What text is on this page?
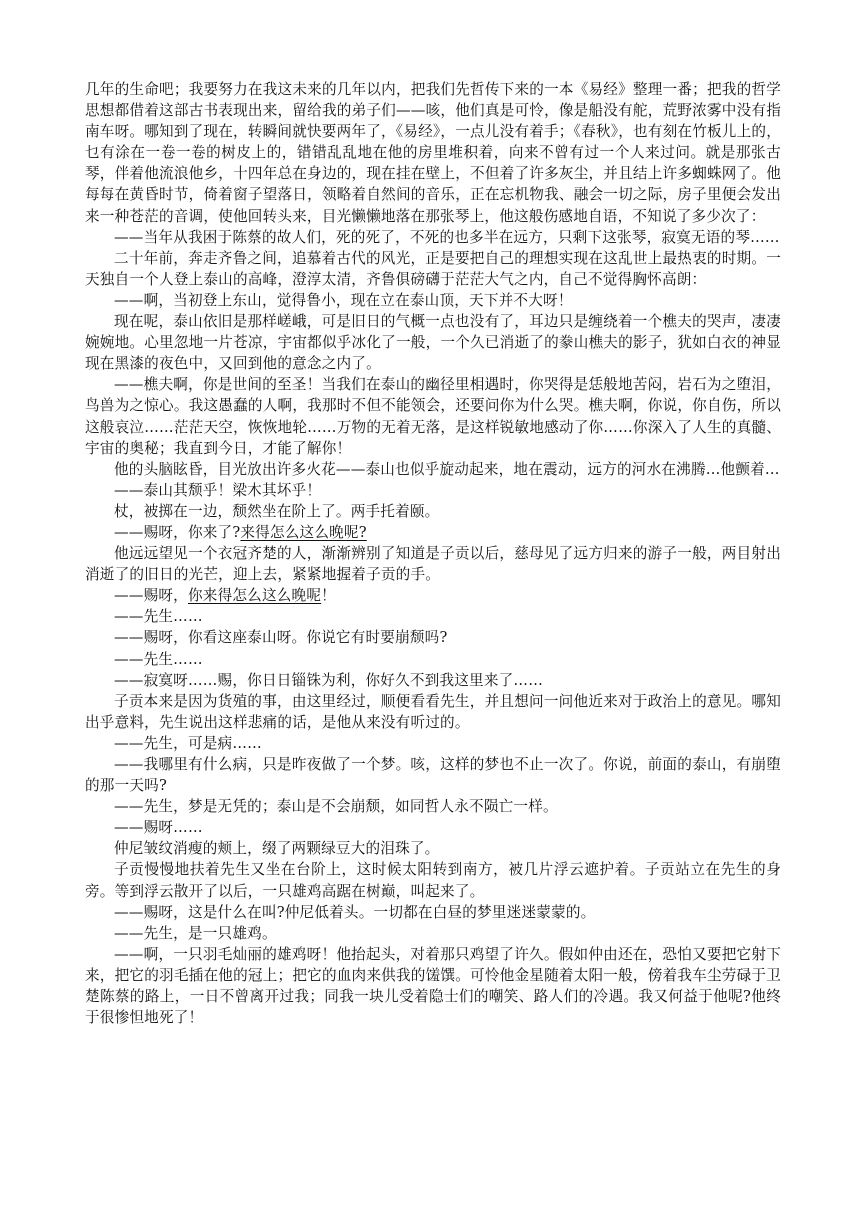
几年的生命吧；我要努力在我这未来的几年以内，把我们先哲传下来的一本《易经》整理一番；把我的哲学思想都借着这部古书表现出来，留给我的弟子们——咳，他们真是可怜，像是船没有舵，荒野浓雾中没有指南车呀。哪知到了现在，转瞬间就快要两年了，《易经》，一点儿没有着手；《春秋》，也有刻在竹板儿上的，乜有涂在一卷一卷的树皮上的，错错乱乱地在他的房里堆积着，向来不曾有过一个人来过问。就是那张古琴，伴着他流浪他乡，十四年总在身边的，现在挂在壁上，不但着了许多灰尘，并且结上许多蜘蛛网了。他每每在黄昏时节，倚着窗子望落日，领略着自然间的音乐，正在忘机物我、融会一切之际，房子里便会发出来一种苍茫的音调，使他回转头来，目光懒懒地落在那张琴上，他这般伤感地自语，不知说了多少次了：

——当年从我困于陈蔡的故人们，死的死了，不死的也多半在远方，只剩下这张琴，寂寞无语的琴……

二十年前，奔走齐鲁之间，追慕着古代的风光，正是要把自己的理想实现在这乱世上最热衷的时期。一天独自一个人登上泰山的高峰，澄淳太清，齐鲁俱磅礴于茫茫大气之内，自己不觉得胸怀高朗：

——啊，当初登上东山，觉得鲁小，现在立在泰山顶，天下并不大呀！

现在呢，泰山依旧是那样嵯峨，可是旧日的气概一点也没有了，耳边只是缠绕着一个樵夫的哭声，凄凄婉婉地。心里忽地一片苍凉，宇宙都似乎冰化了一般，一个久已消逝了的豢山樵夫的影子，犹如白衣的神显现在黑漆的夜色中，又回到他的意念之内了。

——樵夫啊，你是世间的至圣！当我们在泰山的幽径里相遇时，你哭得是恁般地苦闷，岩石为之堕泪，鸟兽为之惊心。我这愚蠢的人啊，我那时不但不能领会，还要问你为什么哭。樵夫啊，你说，你自伤，所以这般哀泣……茫茫天空，恢恢地轮……万物的无着无落，是这样锐敏地感动了你……你深入了人生的真髓、宇宙的奥秘；我直到今日，才能了解你！

他的头脑眩昏，目光放出许多火花——泰山也似乎旋动起来，地在震动，远方的河水在沸腾…他颤着…

——泰山其颓乎！梁木其坏乎！

杖，被掷在一边，颓然坐在阶上了。两手托着颐。

——赐呀，你来了?来得怎么这么晚呢?

他远远望见一个衣冠齐楚的人，渐渐辨别了知道是子贡以后，慈母见了远方归来的游子一般，两目射出消逝了的旧日的光芒，迎上去，紧紧地握着子贡的手。

——赐呀，你来得怎么这么晚呢！

——先生……

——赐呀，你看这座泰山呀。你说它有时要崩颓吗?

——先生……

——寂寞呀……赐，你日日锱铢为利，你好久不到我这里来了……

子贡本来是因为货殖的事，由这里经过，顺便看看先生，并且想问一问他近来对于政治上的意见。哪知出乎意料，先生说出这样悲痛的话，是他从来没有听过的。

——先生，可是病……

——我哪里有什么病，只是昨夜做了一个梦。咳，这样的梦也不止一次了。你说，前面的泰山，有崩堕的那一天吗?

——先生，梦是无凭的；泰山是不会崩颓，如同哲人永不陨亡一样。

——赐呀……

仲尼皱纹消瘦的颊上，缀了两颗绿豆大的泪珠了。

子贡慢慢地扶着先生又坐在台阶上，这时候太阳转到南方，被几片浮云遮护着。子贡站立在先生的身旁。等到浮云散开了以后，一只雄鸡高踞在树巅，叫起来了。

——赐呀，这是什么在叫?仲尼低着头。一切都在白昼的梦里迷迷蒙蒙的。

——先生，是一只雄鸡。

——啊，一只羽毛灿丽的雄鸡呀！他抬起头，对着那只鸡望了许久。假如仲由还在，恐怕又要把它射下来，把它的羽毛插在他的冠上；把它的血肉来供我的馐馔。可怜他金星随着太阳一般，傍着我车尘劳碌于卫楚陈蔡的路上，一日不曾离开过我；同我一块儿受着隐士们的嘲笑、路人们的冷遇。我又何益于他呢?他终于很惨怛地死了！
